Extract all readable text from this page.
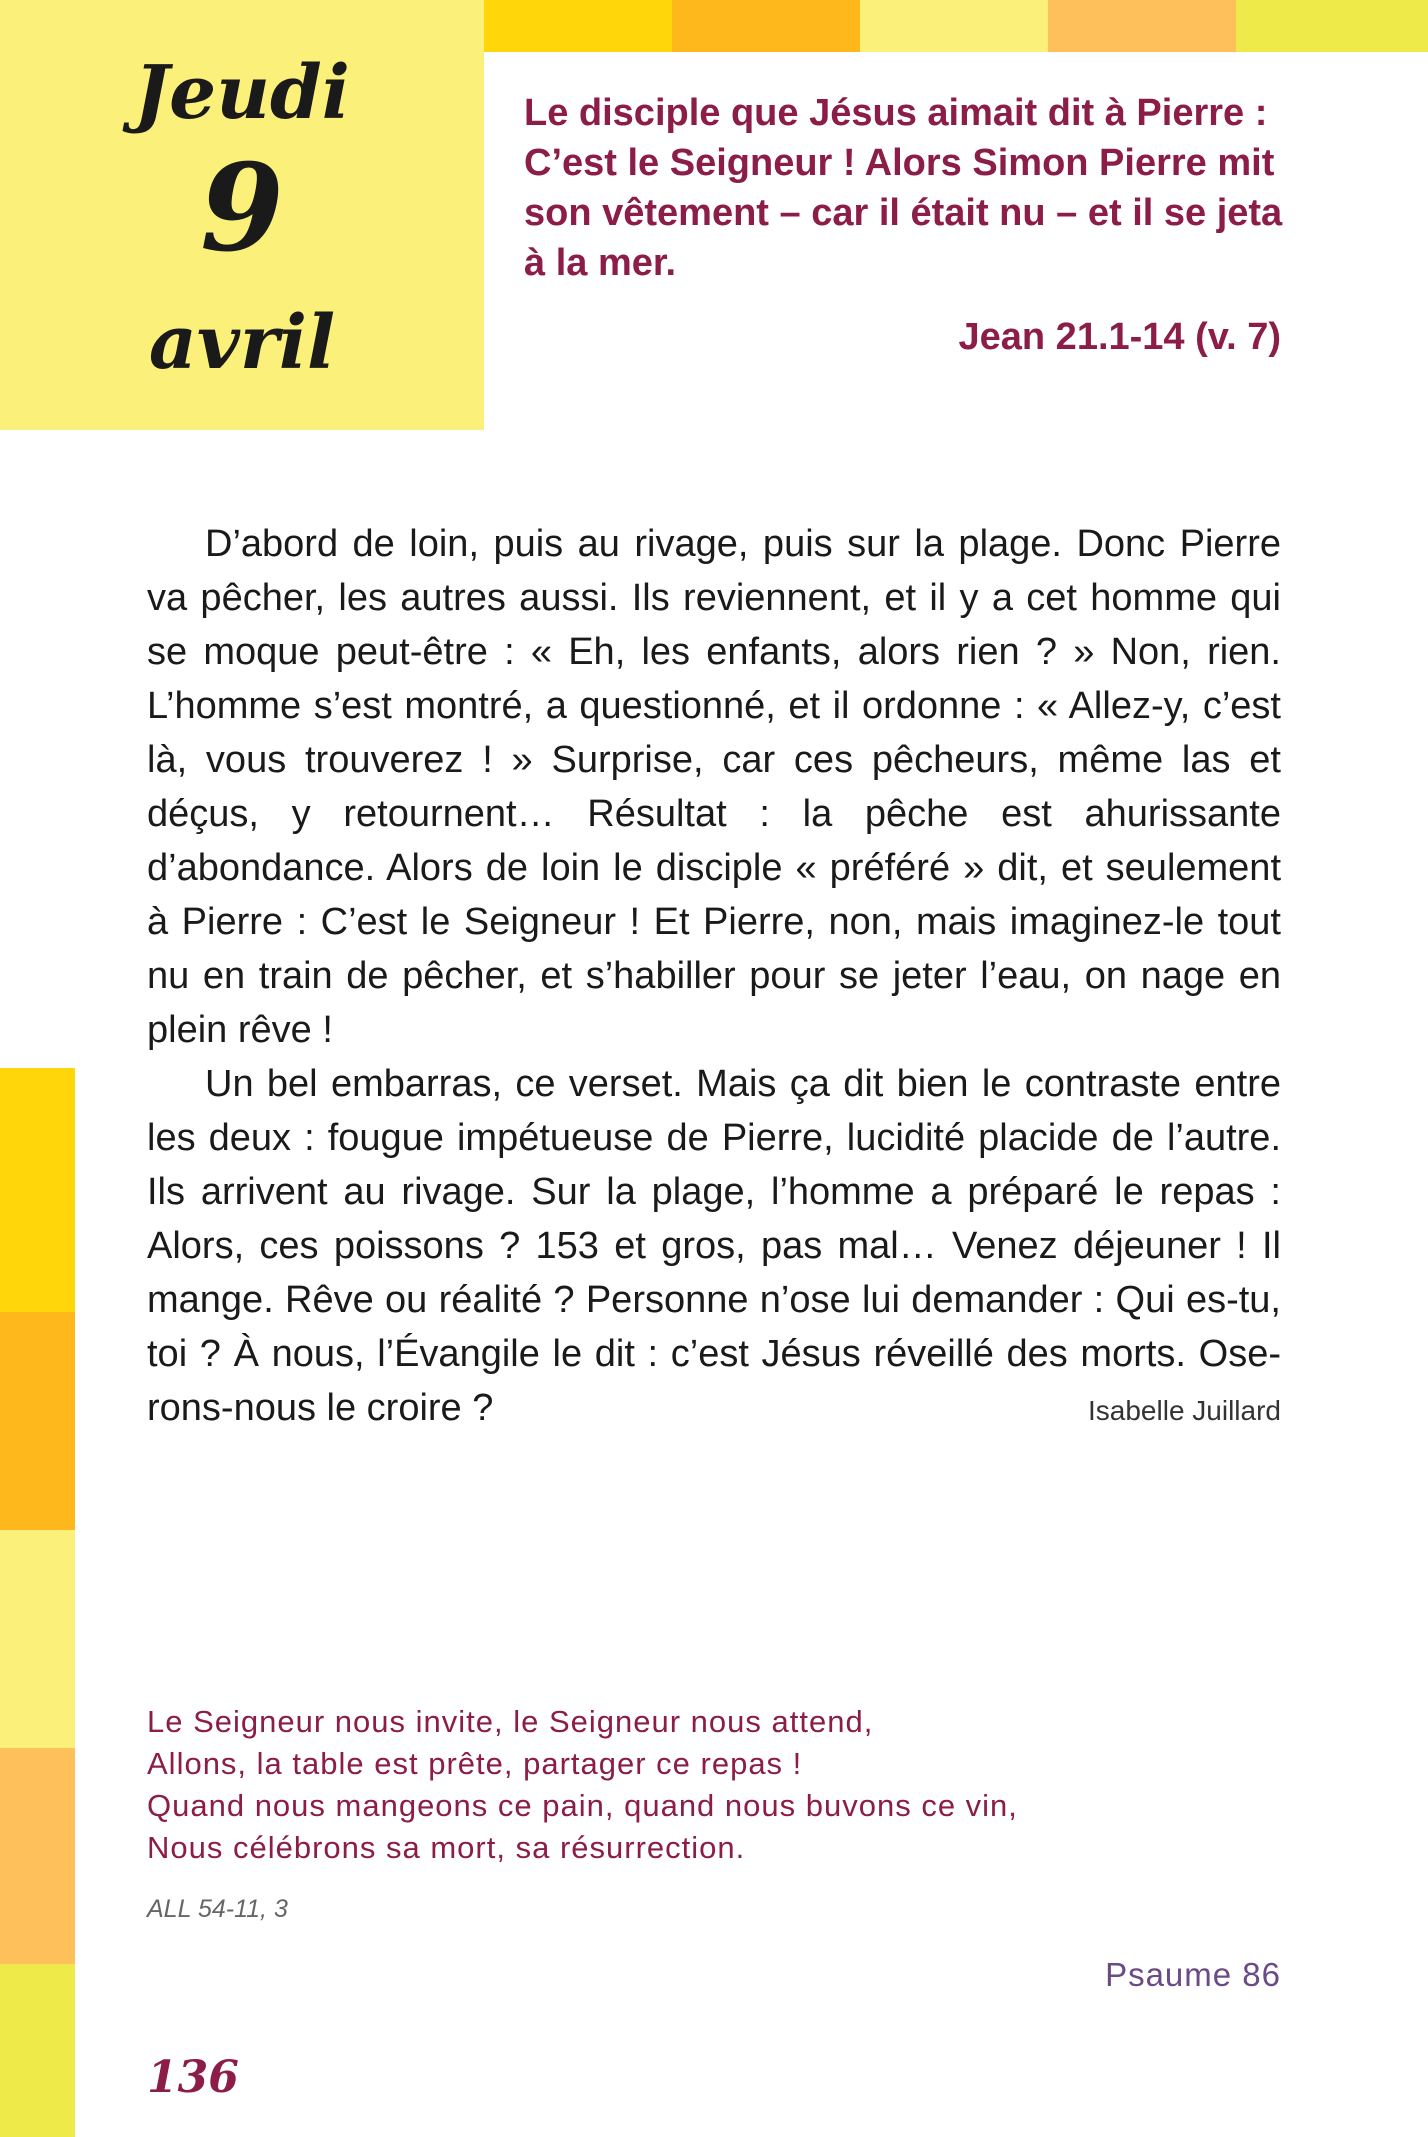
Jeudi
9
avril

Le disciple que Jésus aimait dit à Pierre : C’est le Seigneur ! Alors Simon Pierre mit son vêtement – car il était nu – et il se jeta à la mer.

Jean 21.1-14 (v. 7)

D’abord de loin, puis au rivage, puis sur la plage. Donc Pierre va pêcher, les autres aussi. Ils reviennent, et il y a cet homme qui se moque peut-être : « Eh, les enfants, alors rien ? » Non, rien. L’homme s’est montré, a questionné, et il ordonne : « Allez-y, c’est là, vous trouverez ! » Surprise, car ces pêcheurs, même las et déçus, y retournent… Résultat : la pêche est ahurissante d’abondance. Alors de loin le disciple « préféré » dit, et seulement à Pierre : C’est le Seigneur ! Et Pierre, non, mais imaginez-le tout nu en train de pêcher, et s’habiller pour se jeter l’eau, on nage en plein rêve !

Un bel embarras, ce verset. Mais ça dit bien le contraste entre les deux : fougue impétueuse de Pierre, lucidité placide de l’autre. Ils arrivent au rivage. Sur la plage, l’homme a préparé le repas : Alors, ces poissons ? 153 et gros, pas mal… Venez déjeuner ! Il mange. Rêve ou réalité ? Personne n’ose lui demander : Qui es-tu, toi ? À nous, l’Évangile le dit : c’est Jésus réveillé des morts. Ose-rons-nous le croire ?	Isabelle Juillard
Le Seigneur nous invite, le Seigneur nous attend,
Allons, la table est prête, partager ce repas !
Quand nous mangeons ce pain, quand nous buvons ce vin,
Nous célébrons sa mort, sa résurrection.
ALL 54-11, 3
Psaume 86
136
